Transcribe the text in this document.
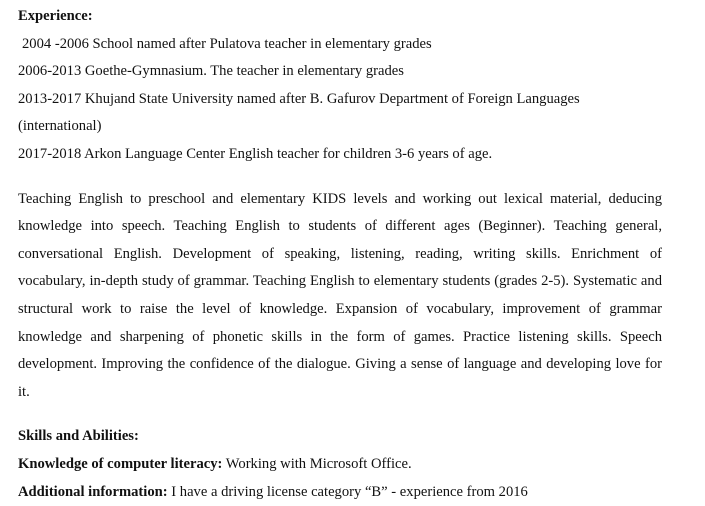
Experience:
2004 -2006 School named after Pulatova teacher in elementary grades
2006-2013 Goethe-Gymnasium. The teacher in elementary grades
2013-2017 Khujand State University named after B. Gafurov Department of Foreign Languages
(international)
2017-2018 Arkon Language Center English teacher for children 3-6 years of age.
Teaching English to preschool and elementary KIDS levels and working out lexical material, deducing knowledge into speech. Teaching English to students of different ages (Beginner). Teaching general, conversational English. Development of speaking, listening, reading, writing skills. Enrichment of vocabulary, in-depth study of grammar. Teaching English to elementary students (grades 2-5). Systematic and structural work to raise the level of knowledge. Expansion of vocabulary, improvement of grammar knowledge and sharpening of phonetic skills in the form of games. Practice listening skills. Speech development. Improving the confidence of the dialogue. Giving a sense of language and developing love for it.
Skills and Abilities:
Knowledge of computer literacy: Working with Microsoft Office.
Additional information: I have a driving license category “B” - experience from 2016
